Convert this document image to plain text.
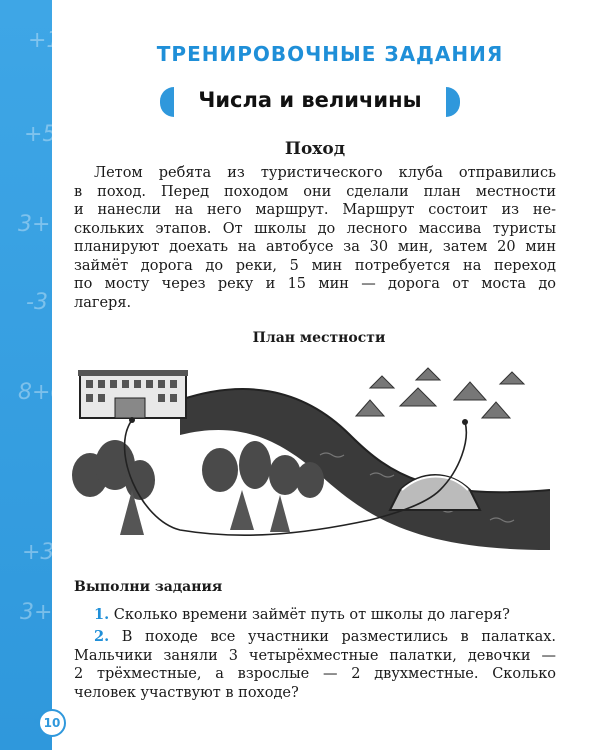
+1
+5
3+
-3
8+0
+3
3+3
ТРЕНИРОВОЧНЫЕ ЗАДАНИЯ
Числа и величины
Поход

Летом ребята из туристического клуба отправились
в поход. Перед походом они сделали план местности
и нанесли на него маршрут. Маршрут состоит из не-
скольких этапов. От школы до лесного массива туристы
планируют доехать на автобусе за 30 мин, затем 20 мин
займёт дорога до реки, 5 мин потребуется на переход
по мосту через реку и 15 мин — дорога от моста до
лагеря.

План местности
Выполни задания

1. Сколько времени займёт путь от школы до лагеря?

2. В походе все участники разместились в палатках.
Мальчики заняли 3 четырёхместные палатки, девочки —
2 трёхместные, а взрослые — 2 двухместные. Сколько
человек участвуют в походе?

10
